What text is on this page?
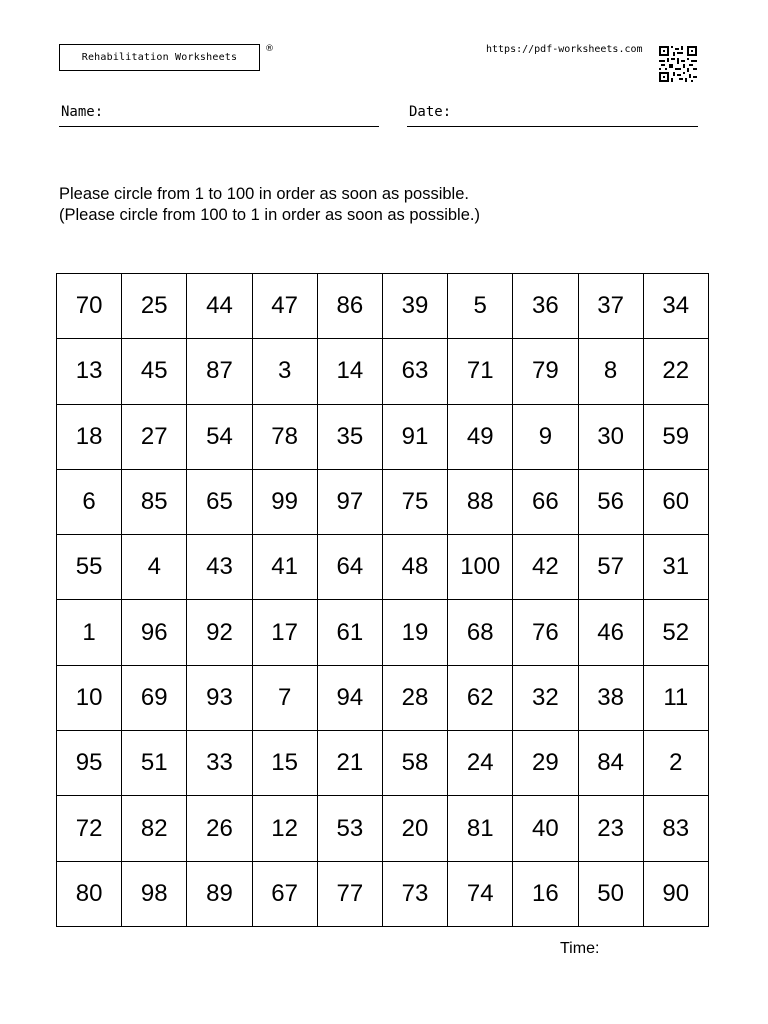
Rehabilitation Worksheets
®	https://pdf-worksheets.com
Name:	Date:
Please circle from 1 to 100 in order as soon as possible.
(Please circle from 100 to 1 in order as soon as possible.)
70	25	44	47	86	39	5	36	37	34
13	45	87	3	14	63	71	79	8	22
18	27	54	78	35	91	49	9	30	59
6	85	65	99	97	75	88	66	56	60
55	4	43	41	64	48	100	42	57	31
1	96	92	17	61	19	68	76	46	52
10	69	93	7	94	28	62	32	38	11
95	51	33	15	21	58	24	29	84	2
72	82	26	12	53	20	81	40	23	83
80	98	89	67	77	73	74	16	50	90
Time:
